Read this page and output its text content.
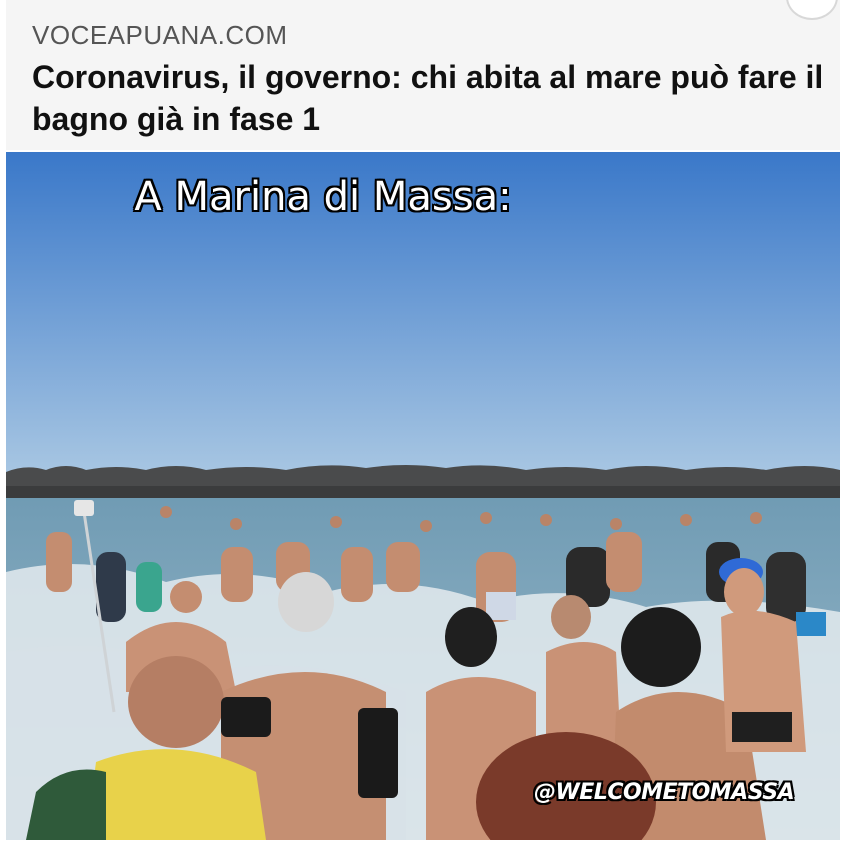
VOCEAPUANA.COM
Coronavirus, il governo: chi abita al mare può fare il bagno già in fase 1
A Marina di Massa:
@WELCOMETOMASSA
